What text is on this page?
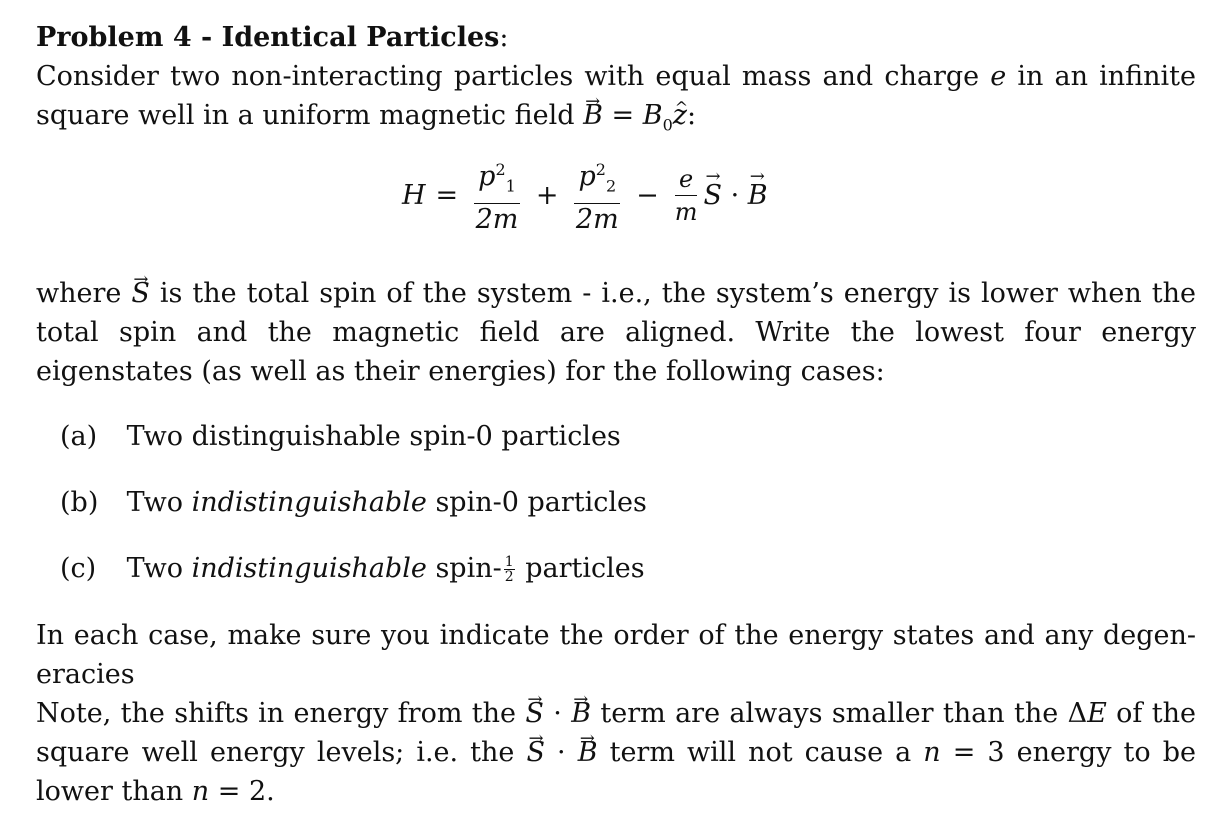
Problem 4 - Identical Particles:
Consider two non-interacting particles with equal mass and charge e in an infinite square well in a uniform magnetic field → $B = B_0\^{}$ z:
$H = \frac{p^2_1}{2m} + \frac{p^2_2}{2m} - \frac{e}{m}$
→ S · → B
where → S is the total spin of the system - i.e., the system’s energy is lower when the total spin and the magnetic field are aligned. Write the lowest four energy eigenstates (as well as their energies) for the following cases:
(a) Two distinguishable spin-0 particles
(b) Two indistinguishable spin-0 particles
(c) Two indistinguishable spin- $\frac{1}{2}$ particles
In each case, make sure you indicate the order of the energy states and any degen- eracies
Note, the shifts in energy from the → S · → B term are always smaller than the ΔE of the square well energy levels; i.e. the → S · → B term will not cause a n = 3 energy to be lower than n = 2.
